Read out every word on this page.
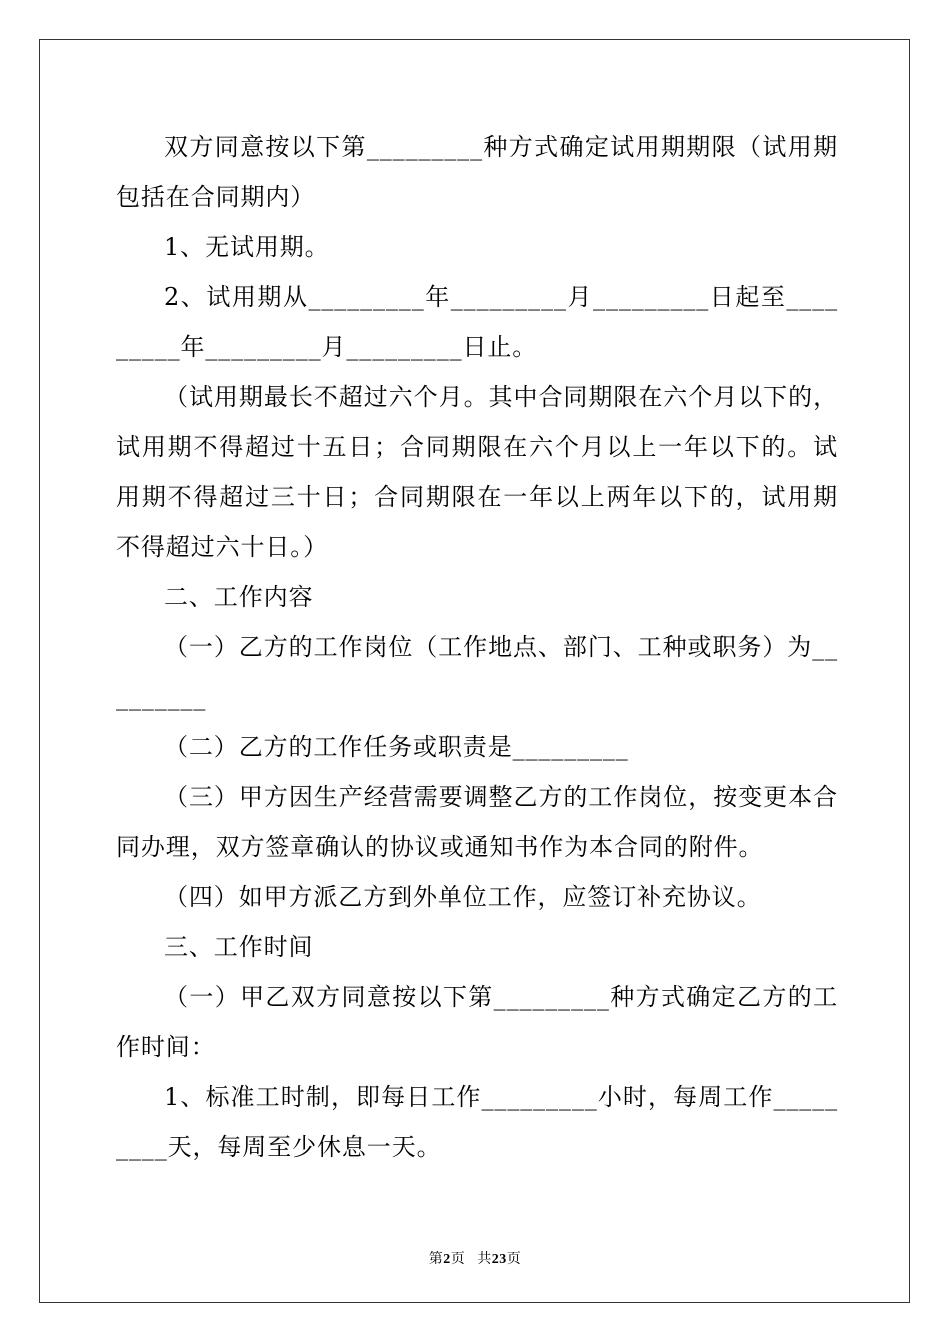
双方同意按以下第_________种方式确定试用期期限（试用期包括在合同期内）

1、无试用期。

2、试用期从_________年_________月_________日起至_________年_________月_________日止。

（试用期最长不超过六个月。其中合同期限在六个月以下的，试用期不得超过十五日；合同期限在六个月以上一年以下的。试用期不得超过三十日；合同期限在一年以上两年以下的，试用期不得超过六十日。）

二、工作内容

（一）乙方的工作岗位（工作地点、部门、工种或职务）为_________

（二）乙方的工作任务或职责是_________

（三）甲方因生产经营需要调整乙方的工作岗位，按变更本合同办理，双方签章确认的协议或通知书作为本合同的附件。

（四）如甲方派乙方到外单位工作，应签订补充协议。

三、工作时间

（一）甲乙双方同意按以下第_________种方式确定乙方的工作时间：

1、标准工时制，即每日工作_________小时，每周工作_________天，每周至少休息一天。

第2页 共23页
